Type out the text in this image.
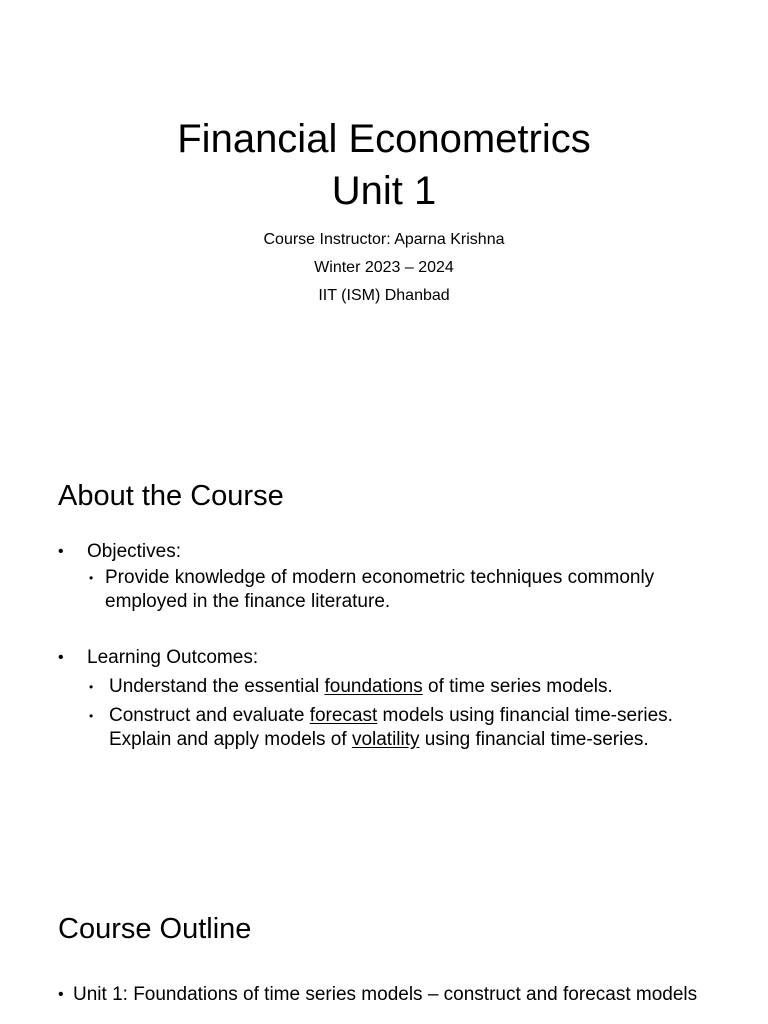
Financial Econometrics
Unit 1
Course Instructor: Aparna Krishna
Winter 2023 – 2024
IIT (ISM) Dhanbad
About the Course
• Objectives:
• Provide knowledge of modern econometric techniques commonly
employed in the finance literature.
• Learning Outcomes:
• Understand the essential foundations of time series models.
• Construct and evaluate forecast models using financial time-series.
Explain and apply models of volatility using financial time-series.
Course Outline
• Unit 1: Foundations of time series models – construct and forecast models
